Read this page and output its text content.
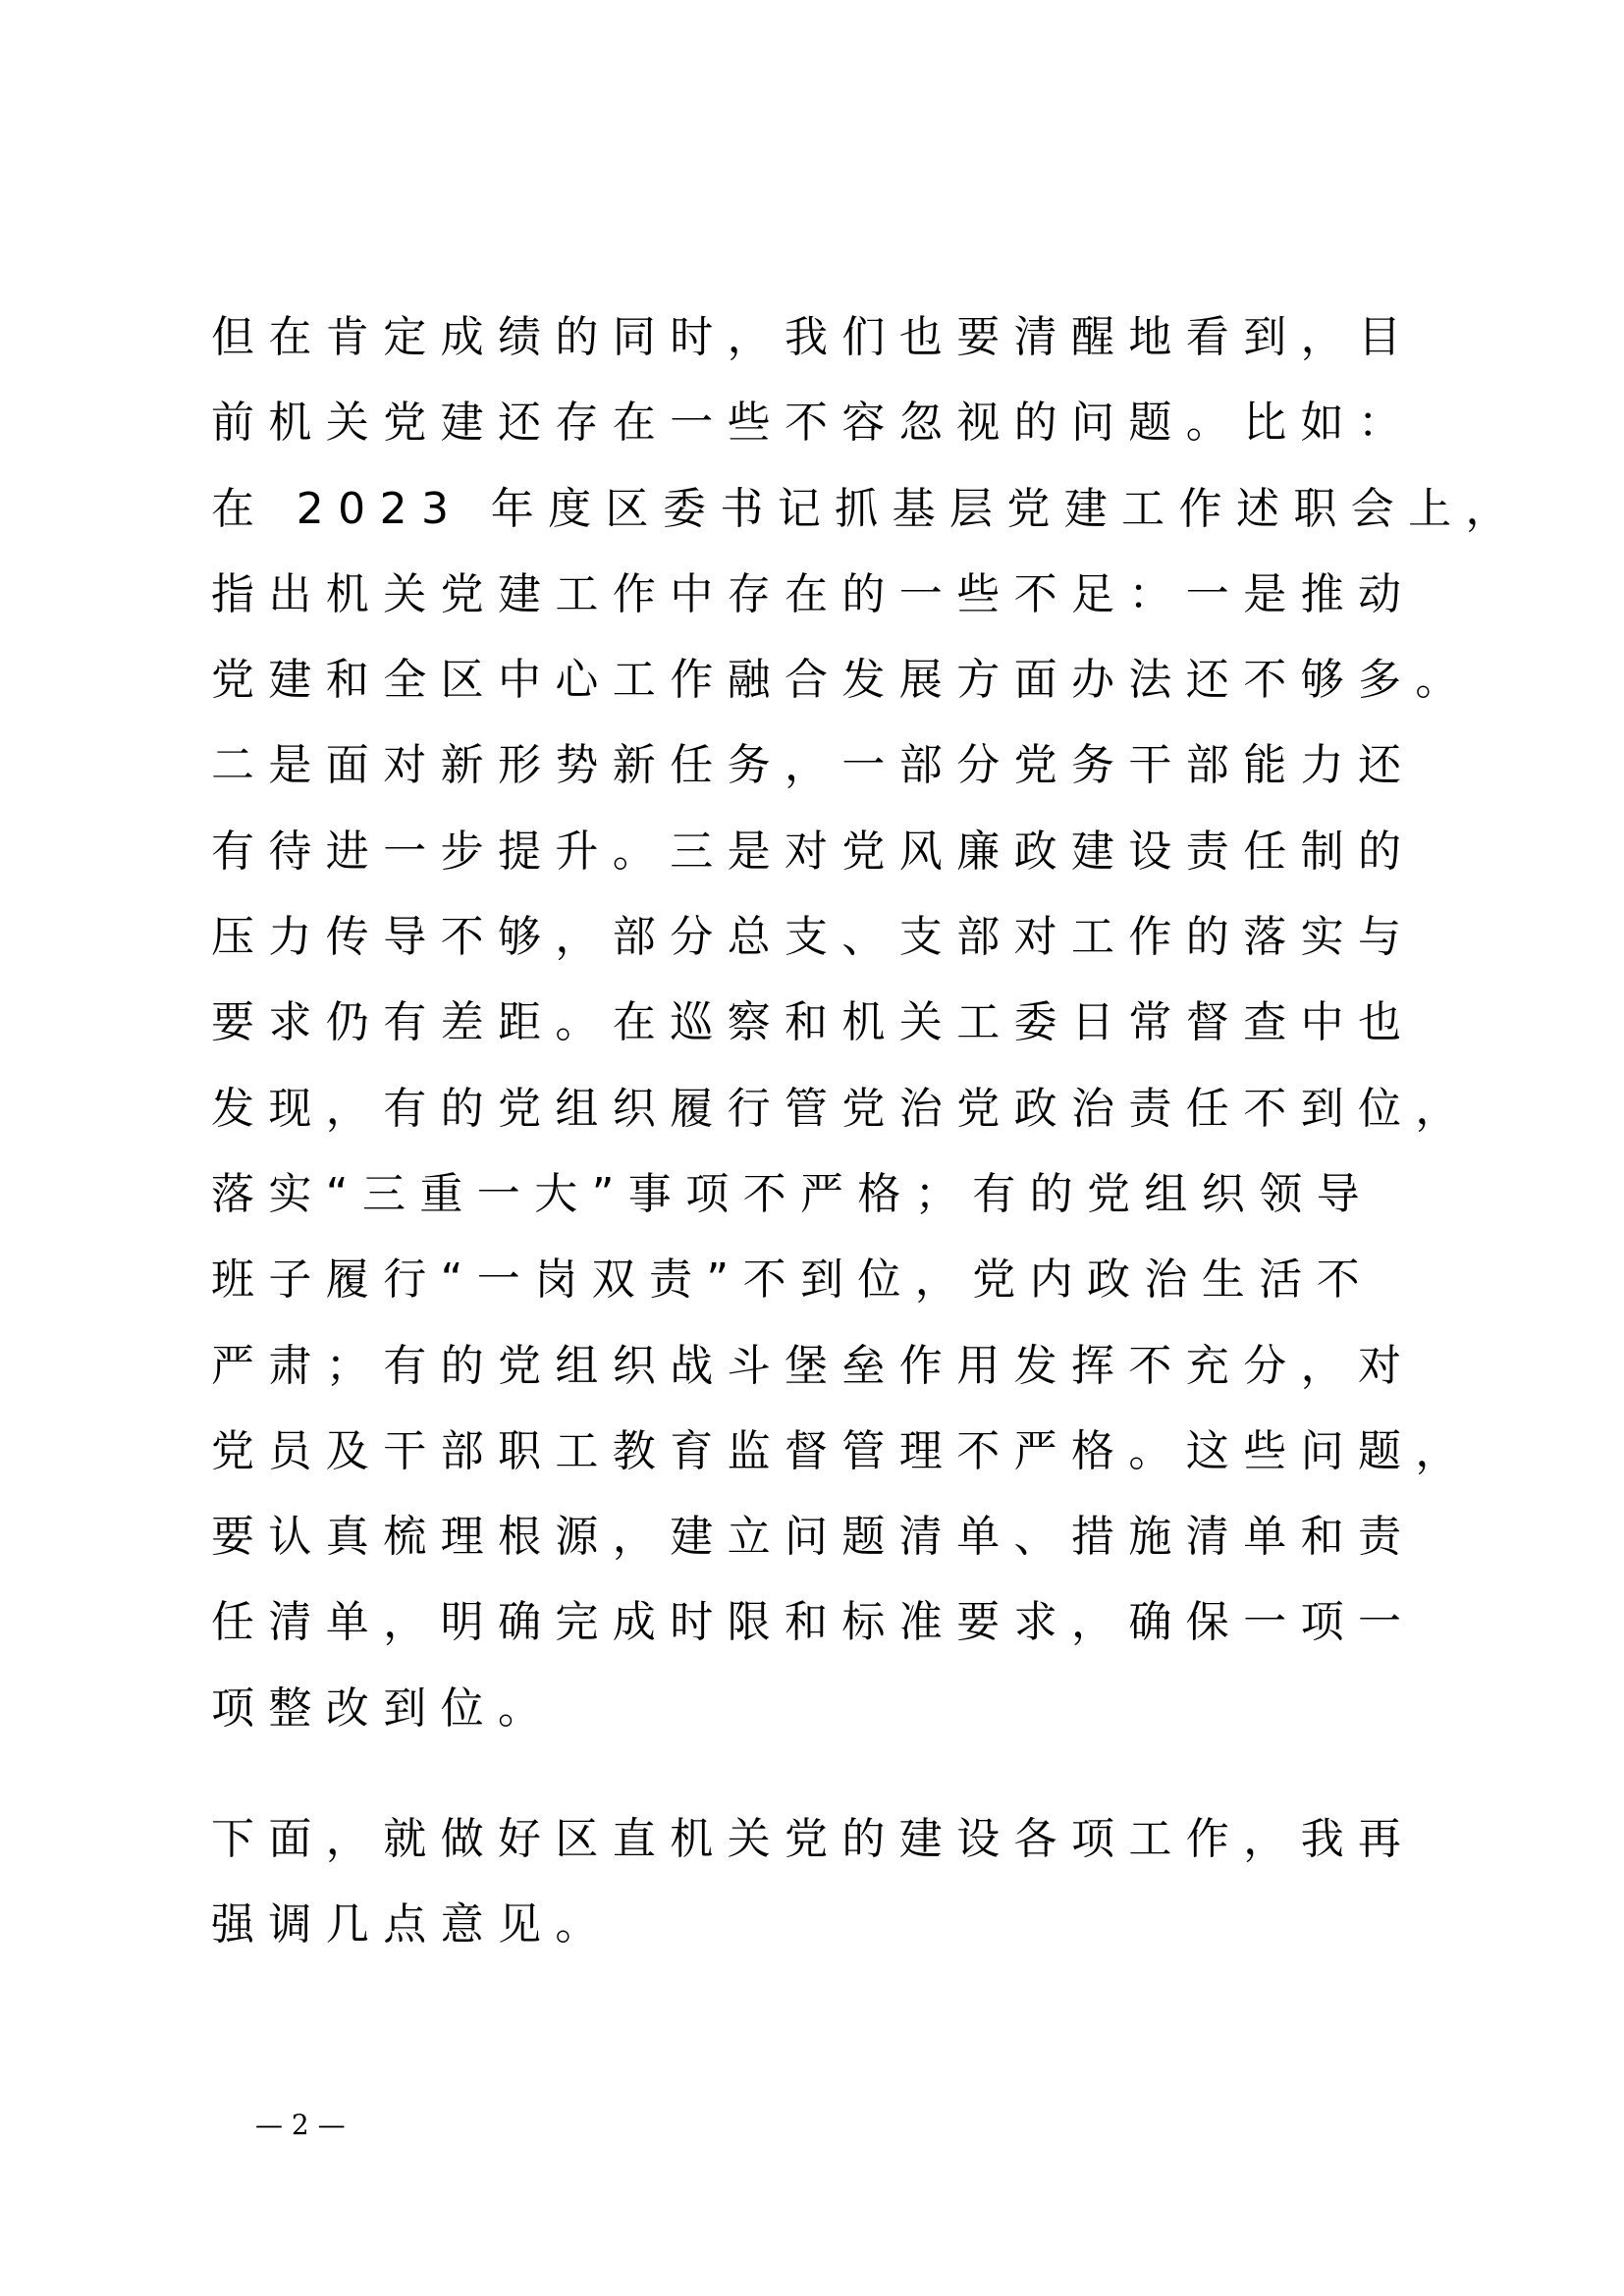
但在肯定成绩的同时，我们也要清醒地看到，目
前机关党建还存在一些不容忽视的问题。比如：
在 2023 年度区委书记抓基层党建工作述职会上，
指出机关党建工作中存在的一些不足：一是推动
党建和全区中心工作融合发展方面办法还不够多。
二是面对新形势新任务，一部分党务干部能力还
有待进一步提升。三是对党风廉政建设责任制的
压力传导不够，部分总支、支部对工作的落实与
要求仍有差距。在巡察和机关工委日常督查中也
发现，有的党组织履行管党治党政治责任不到位，
落实“三重一大”事项不严格；有的党组织领导
班子履行“一岗双责”不到位，党内政治生活不
严肃；有的党组织战斗堡垒作用发挥不充分，对
党员及干部职工教育监督管理不严格。这些问题，
要认真梳理根源，建立问题清单、措施清单和责
任清单，明确完成时限和标准要求，确保一项一
项整改到位。

下面，就做好区直机关党的建设各项工作，我再
强调几点意见。

— 2 —
